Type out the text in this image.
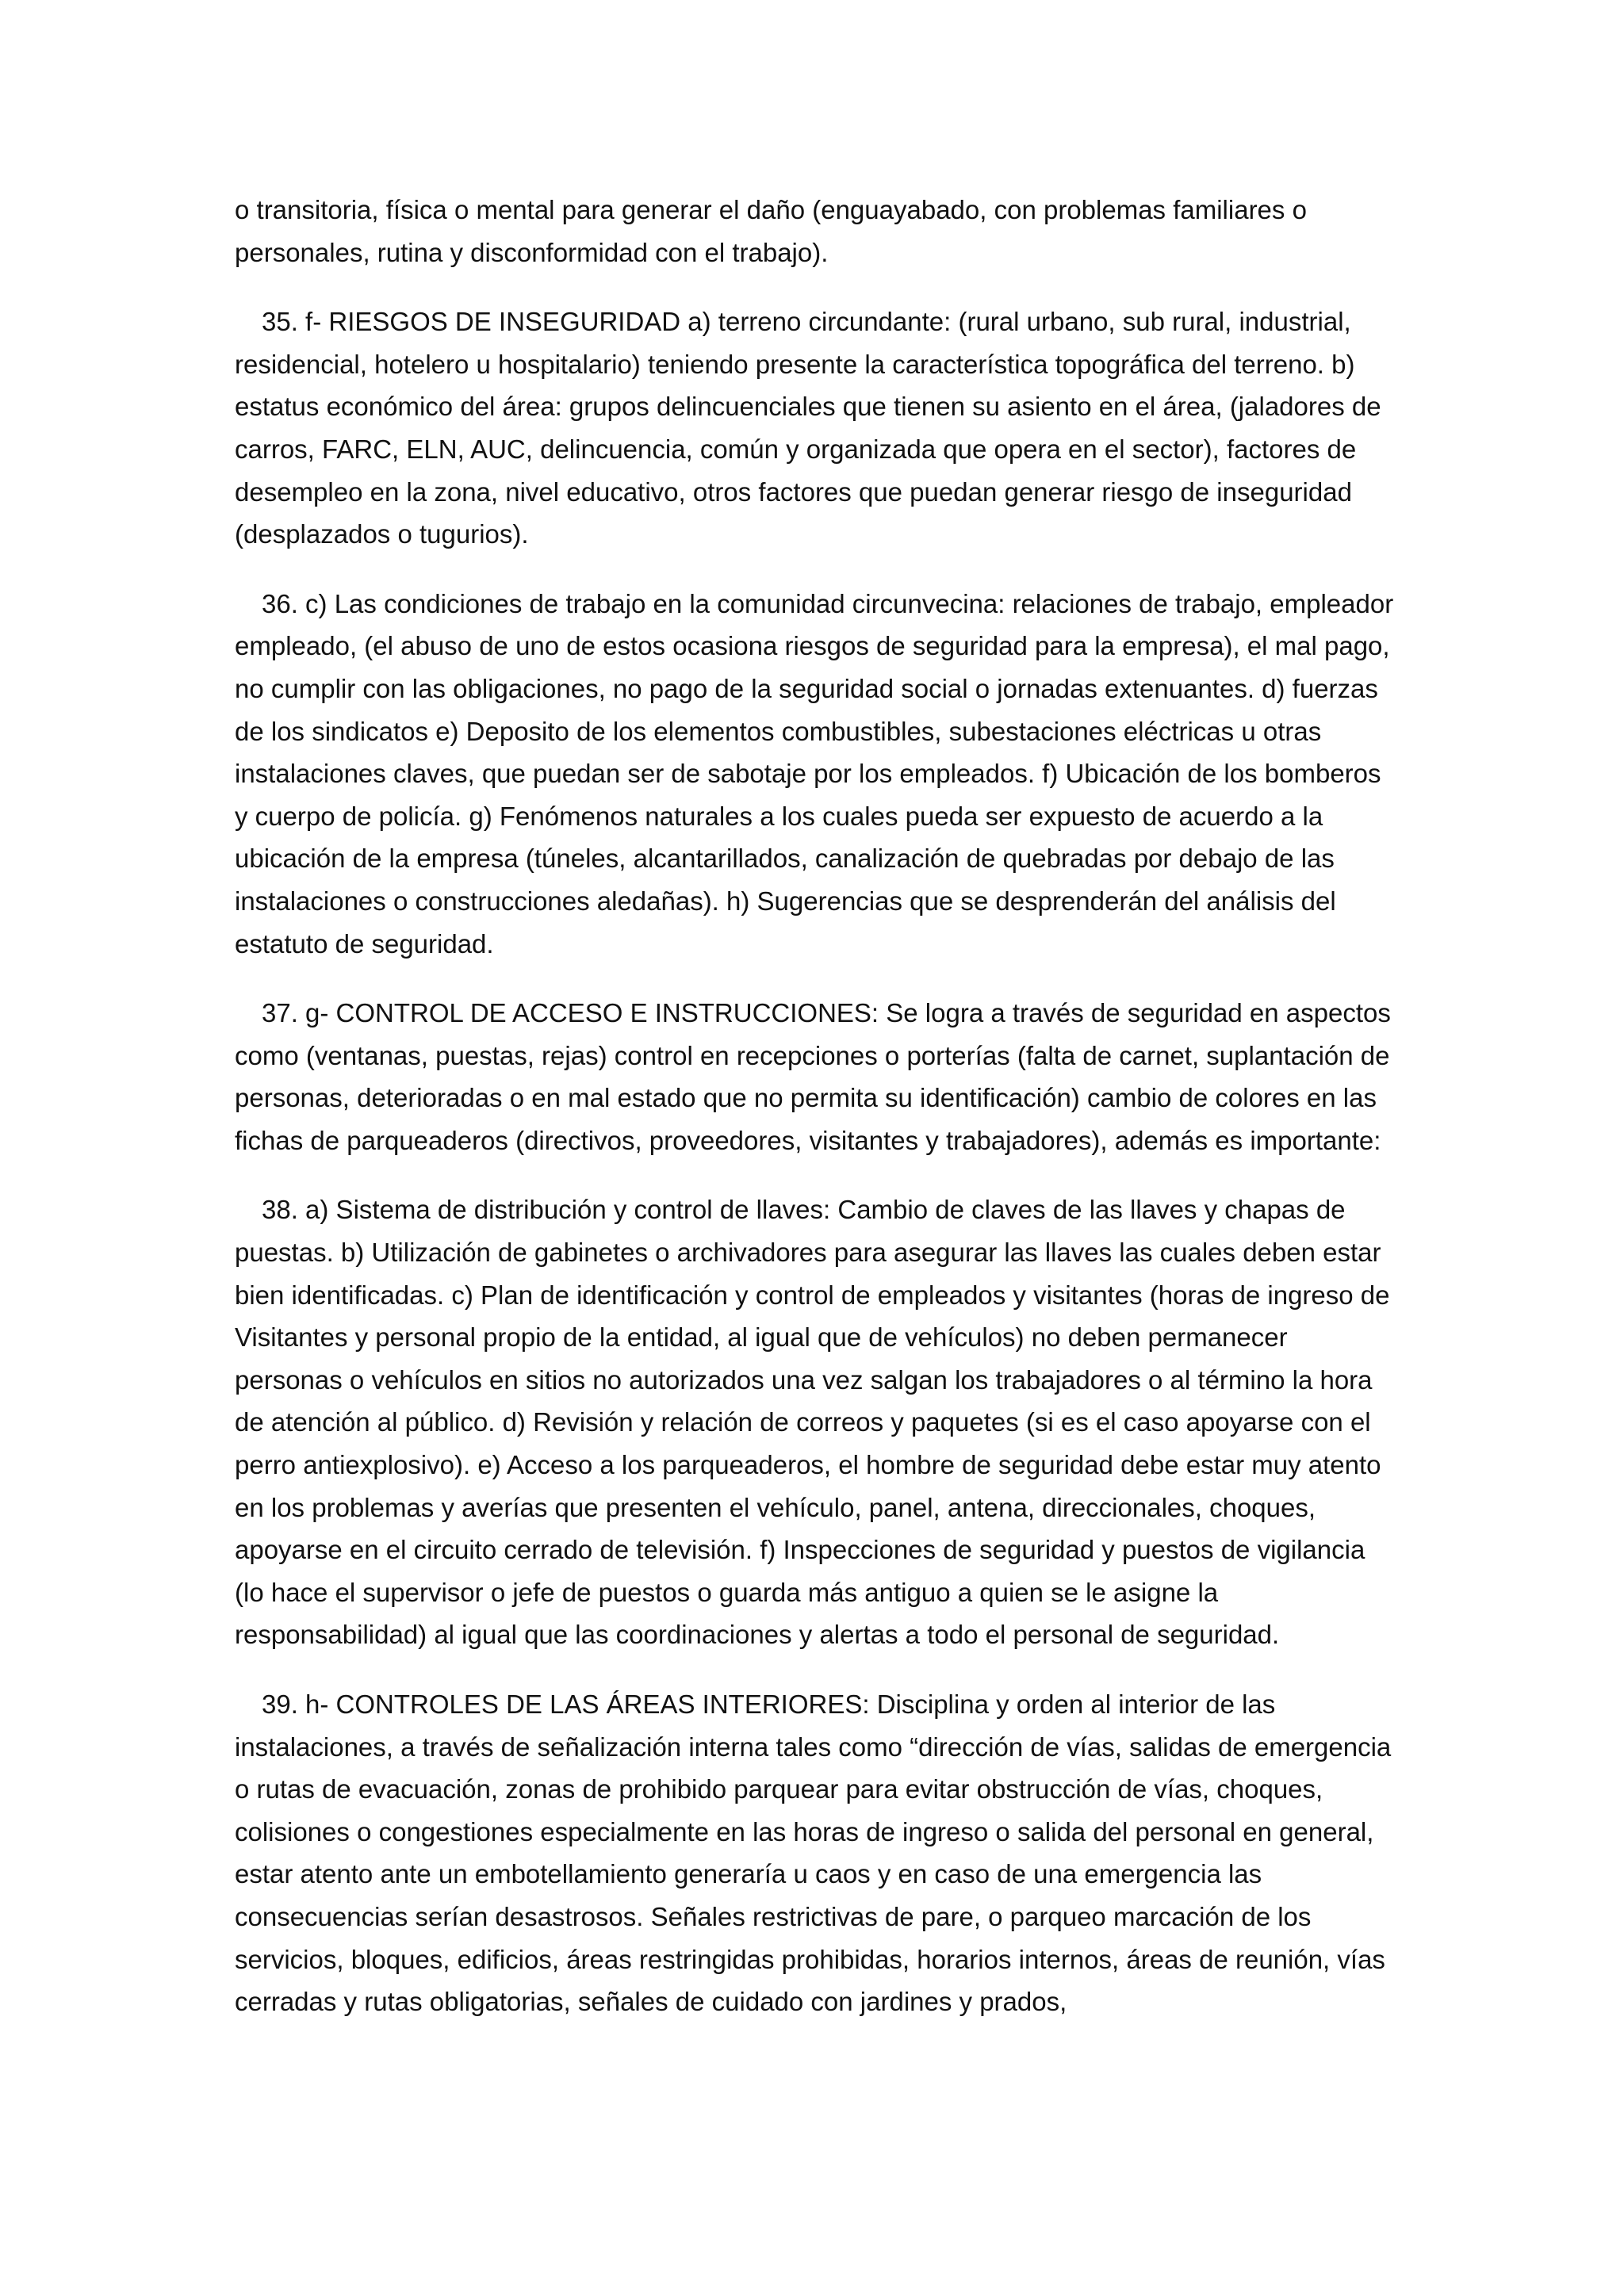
o transitoria, física o mental para generar el daño (enguayabado, con problemas familiares o personales, rutina y disconformidad con el trabajo).

35. f- RIESGOS DE INSEGURIDAD a) terreno circundante: (rural urbano, sub rural, industrial, residencial, hotelero u hospitalario) teniendo presente la característica topográfica del terreno. b) estatus económico del área: grupos delincuenciales que tienen su asiento en el área, (jaladores de carros, FARC, ELN, AUC, delincuencia, común y organizada que opera en el sector), factores de desempleo en la zona, nivel educativo, otros factores que puedan generar riesgo de inseguridad (desplazados o tugurios).

36. c) Las condiciones de trabajo en la comunidad circunvecina: relaciones de trabajo, empleador empleado, (el abuso de uno de estos ocasiona riesgos de seguridad para la empresa), el mal pago, no cumplir con las obligaciones, no pago de la seguridad social o jornadas extenuantes. d) fuerzas de los sindicatos e) Deposito de los elementos combustibles, subestaciones eléctricas u otras instalaciones claves, que puedan ser de sabotaje por los empleados. f) Ubicación de los bomberos y cuerpo de policía. g) Fenómenos naturales a los cuales pueda ser expuesto de acuerdo a la ubicación de la empresa (túneles, alcantarillados, canalización de quebradas por debajo de las instalaciones o construcciones aledañas). h) Sugerencias que se desprenderán del análisis del estatuto de seguridad.

37. g- CONTROL DE ACCESO E INSTRUCCIONES: Se logra a través de seguridad en aspectos como (ventanas, puestas, rejas) control en recepciones o porterías (falta de carnet, suplantación de personas, deterioradas o en mal estado que no permita su identificación) cambio de colores en las fichas de parqueaderos (directivos, proveedores, visitantes y trabajadores), además es importante:

38. a) Sistema de distribución y control de llaves: Cambio de claves de las llaves y chapas de puestas. b) Utilización de gabinetes o archivadores para asegurar las llaves las cuales deben estar bien identificadas. c) Plan de identificación y control de empleados y visitantes (horas de ingreso de Visitantes y personal propio de la entidad, al igual que de vehículos) no deben permanecer personas o vehículos en sitios no autorizados una vez salgan los trabajadores o al término la hora de atención al público. d) Revisión y relación de correos y paquetes (si es el caso apoyarse con el perro antiexplosivo). e) Acceso a los parqueaderos, el hombre de seguridad debe estar muy atento en los problemas y averías que presenten el vehículo, panel, antena, direccionales, choques, apoyarse en el circuito cerrado de televisión. f) Inspecciones de seguridad y puestos de vigilancia (lo hace el supervisor o jefe de puestos o guarda más antiguo a quien se le asigne la responsabilidad) al igual que las coordinaciones y alertas a todo el personal de seguridad.

39. h- CONTROLES DE LAS ÁREAS INTERIORES: Disciplina y orden al interior de las instalaciones, a través de señalización interna tales como “dirección de vías, salidas de emergencia o rutas de evacuación, zonas de prohibido parquear para evitar obstrucción de vías, choques, colisiones o congestiones especialmente en las horas de ingreso o salida del personal en general, estar atento ante un embotellamiento generaría u caos y en caso de una emergencia las consecuencias serían desastrosos. Señales restrictivas de pare, o parqueo marcación de los servicios, bloques, edificios, áreas restringidas prohibidas, horarios internos, áreas de reunión, vías cerradas y rutas obligatorias, señales de cuidado con jardines y prados,
